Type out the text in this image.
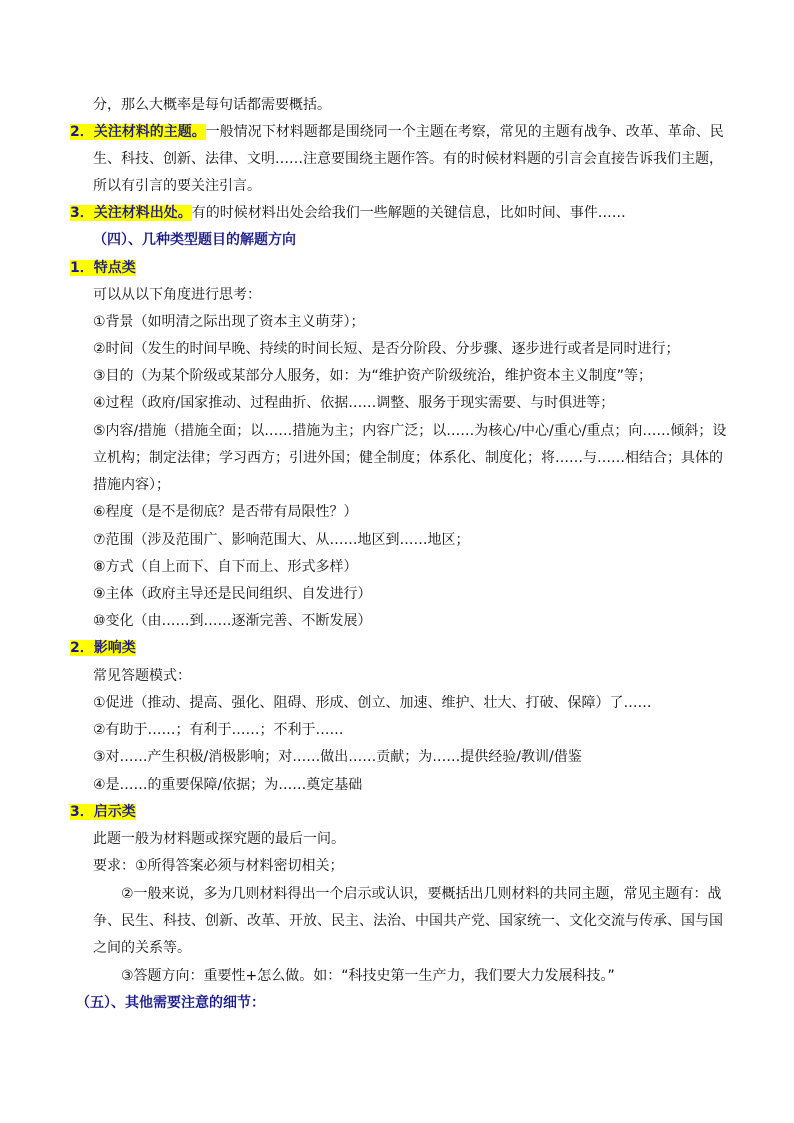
分，那么大概率是每句话都需要概括。

2．关注材料的主题。一般情况下材料题都是围绕同一个主题在考察，常见的主题有战争、改革、革命、民

生、科技、创新、法律、文明……注意要围绕主题作答。有的时候材料题的引言会直接告诉我们主题，

所以有引言的要关注引言。

3．关注材料出处。有的时候材料出处会给我们一些解题的关键信息，比如时间、事件……

（四）、几种类型题目的解题方向

1．特点类

可以从以下角度进行思考：

①背景（如明清之际出现了资本主义萌芽）；

②时间（发生的时间早晚、持续的时间长短、是否分阶段、分步骤、逐步进行或者是同时进行；

③目的（为某个阶级或某部分人服务，如：为“维护资产阶级统治，维护资本主义制度”等；

④过程（政府/国家推动、过程曲折、依据……调整、服务于现实需要、与时俱进等；

⑤内容/措施（措施全面；以……措施为主；内容广泛；以……为核心/中心/重心/重点；向……倾斜；设

立机构；制定法律；学习西方；引进外国；健全制度；体系化、制度化；将……与……相结合；具体的

措施内容）；

⑥程度（是不是彻底？是否带有局限性？）

⑦范围（涉及范围广、影响范围大、从……地区到……地区；

⑧方式（自上而下、自下而上、形式多样）

⑨主体（政府主导还是民间组织、自发进行）

⑩变化（由……到……逐渐完善、不断发展）

2．影响类

常见答题模式：

①促进（推动、提高、强化、阻碍、形成、创立、加速、维护、壮大、打破、保障）了……

②有助于……；有利于……；不利于……

③对……产生积极/消极影响；对……做出……贡献；为……提供经验/教训/借鉴

④是……的重要保障/依据；为……奠定基础

3．启示类

此题一般为材料题或探究题的最后一问。

要求：①所得答案必须与材料密切相关；

②一般来说，多为几则材料得出一个启示或认识，要概括出几则材料的共同主题，常见主题有：战

争、民生、科技、创新、改革、开放、民主、法治、中国共产党、国家统一、文化交流与传承、国与国

之间的关系等。

③答题方向：重要性+怎么做。如：“科技史第一生产力，我们要大力发展科技。”

（五）、其他需要注意的细节：
